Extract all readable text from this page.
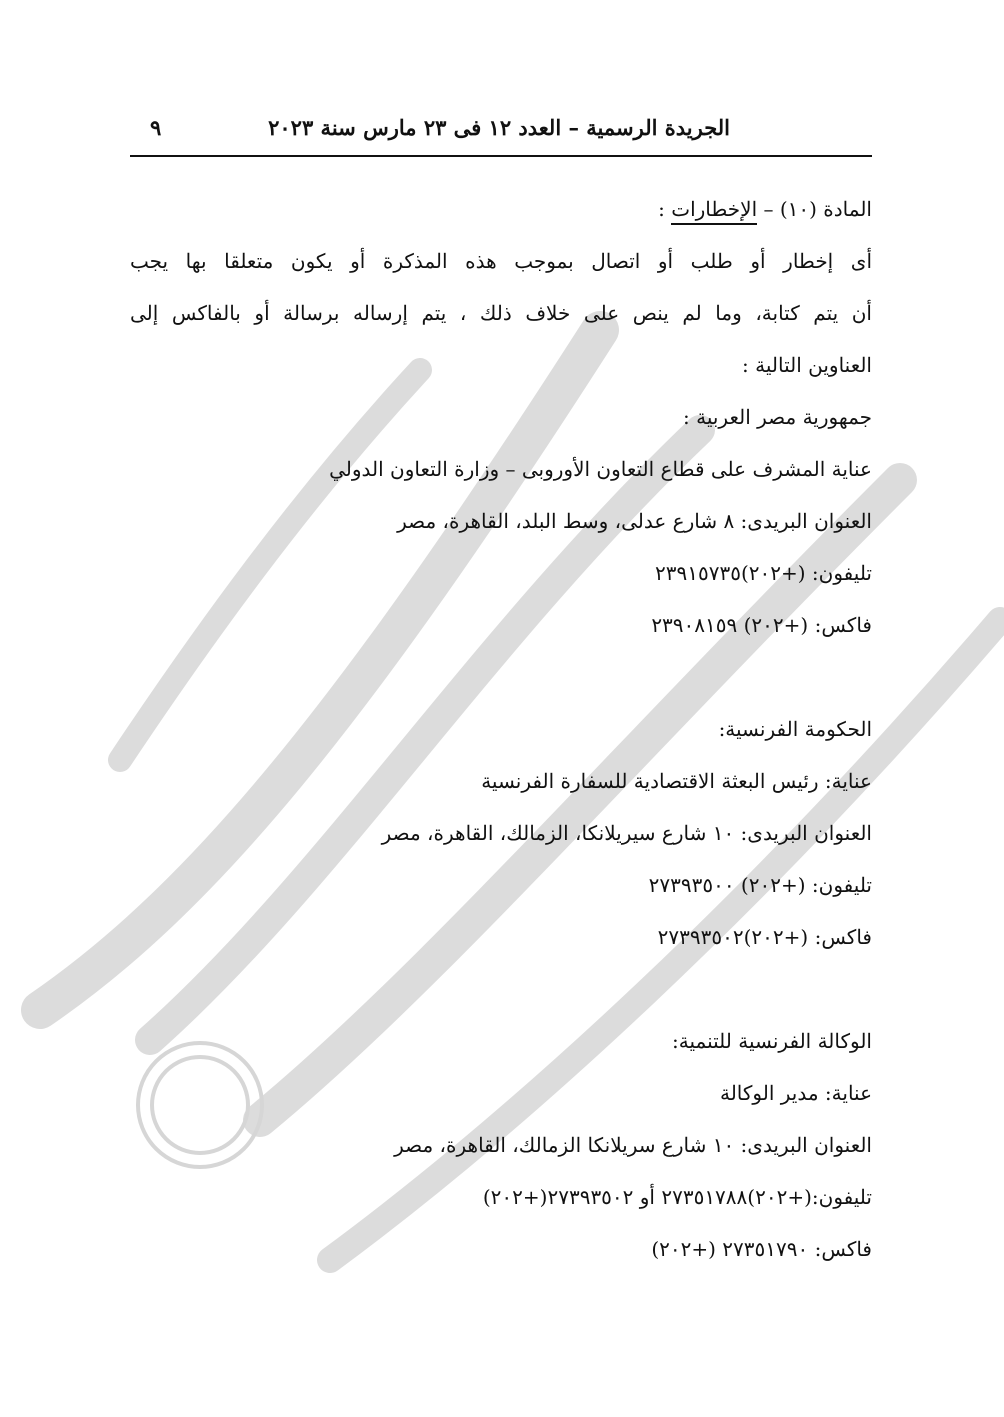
الجريدة الرسمية – العدد ١٢ فى ٢٣ مارس سنة ٢٠٢٣
٩
المادة (١٠) – الإخطارات :
أى إخطار أو طلب أو اتصال بموجب هذه المذكرة أو يكون متعلقا بها يجب
أن يتم كتابة، وما لم ينص على خلاف ذلك ، يتم إرساله برسالة أو بالفاكس إلى
العناوين التالية :
جمهورية مصر العربية :
عناية المشرف على قطاع التعاون الأوروبى – وزارة التعاون الدولي
العنوان البريدى: ٨ شارع عدلى، وسط البلد، القاهرة، مصر
تليفون: (+٢٠٢)٢٣٩١٥٧٣٥
فاكس: (+٢٠٢) ٢٣٩٠٨١٥٩
الحكومة الفرنسية:
عناية: رئيس البعثة الاقتصادية للسفارة الفرنسية
العنوان البريدى: ١٠ شارع سيريلانكا، الزمالك، القاهرة، مصر
تليفون: (+٢٠٢) ٢٧٣٩٣٥٠٠
فاكس: (+٢٠٢)٢٧٣٩٣٥٠٢
الوكالة الفرنسية للتنمية:
عناية: مدير الوكالة
العنوان البريدى: ١٠ شارع سريلانكا الزمالك، القاهرة، مصر
تليفون:(+٢٠٢)٢٧٣٥١٧٨٨ أو ٢٧٣٩٣٥٠٢(+٢٠٢)
فاكس: ٢٧٣٥١٧٩٠ (+٢٠٢)
